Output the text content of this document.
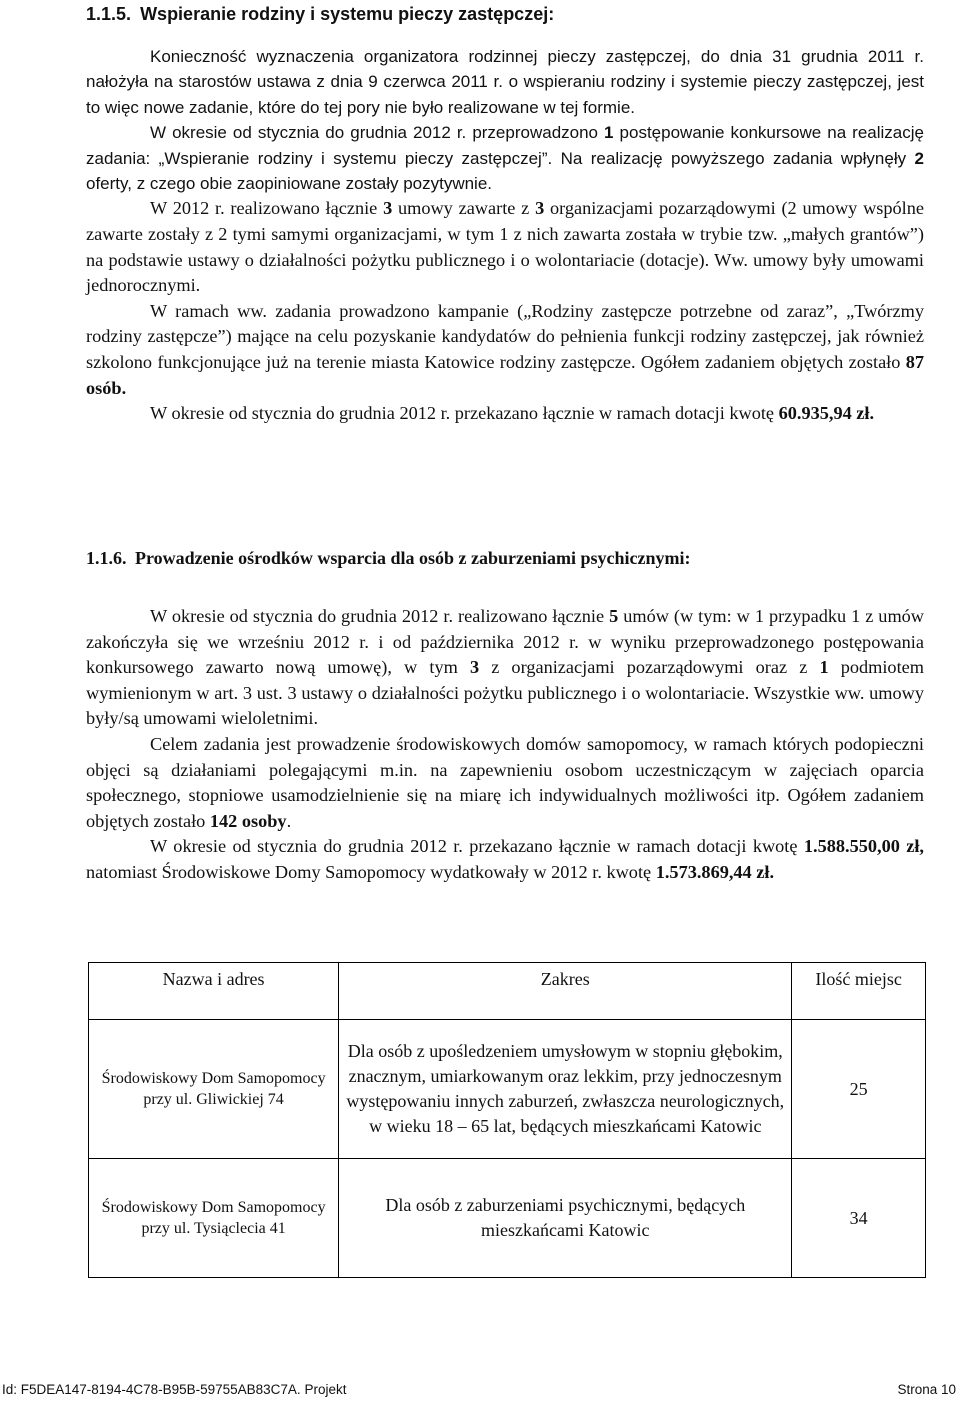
1.1.5. Wspieranie rodziny i systemu pieczy zastępczej:

Konieczność wyznaczenia organizatora rodzinnej pieczy zastępczej, do dnia 31 grudnia 2011 r. nałożyła na starostów ustawa z dnia 9 czerwca 2011 r. o wspieraniu rodziny i systemie pieczy zastępczej, jest to więc nowe zadanie, które do tej pory nie było realizowane w tej formie.

W okresie od stycznia do grudnia 2012 r. przeprowadzono 1 postępowanie konkursowe na realizację zadania: „Wspieranie rodziny i systemu pieczy zastępczej”. Na realizację powyższego zadania wpłynęły 2 oferty, z czego obie zaopiniowane zostały pozytywnie.

W 2012 r. realizowano łącznie 3 umowy zawarte z 3 organizacjami pozarządowymi (2 umowy wspólne zawarte zostały z 2 tymi samymi organizacjami, w tym 1 z nich zawarta została w trybie tzw. „małych grantów”) na podstawie ustawy o działalności pożytku publicznego i o wolontariacie (dotacje). Ww. umowy były umowami jednorocznymi.

W ramach ww. zadania prowadzono kampanie („Rodziny zastępcze potrzebne od zaraz”, „Twórzmy rodziny zastępcze”) mające na celu pozyskanie kandydatów do pełnienia funkcji rodziny zastępczej, jak również szkolono funkcjonujące już na terenie miasta Katowice rodziny zastępcze. Ogółem zadaniem objętych zostało 87 osób.

W okresie od stycznia do grudnia 2012 r. przekazano łącznie w ramach dotacji kwotę 60.935,94 zł.

1.1.6. Prowadzenie ośrodków wsparcia dla osób z zaburzeniami psychicznymi:

W okresie od stycznia do grudnia 2012 r. realizowano łącznie 5 umów (w tym: w 1 przypadku 1 z umów zakończyła się we wrześniu 2012 r. i od października 2012 r. w wyniku przeprowadzonego postępowania konkursowego zawarto nową umowę), w tym 3 z organizacjami pozarządowymi oraz z 1 podmiotem wymienionym w art. 3 ust. 3 ustawy o działalności pożytku publicznego i o wolontariacie. Wszystkie ww. umowy były/są umowami wieloletnimi.

Celem zadania jest prowadzenie środowiskowych domów samopomocy, w ramach których podopieczni objęci są działaniami polegającymi m.in. na zapewnieniu osobom uczestniczącym w zajęciach oparcia społecznego, stopniowe usamodzielnienie się na miarę ich indywidualnych możliwości itp. Ogółem zadaniem objętych zostało 142 osoby.

W okresie od stycznia do grudnia 2012 r. przekazano łącznie w ramach dotacji kwotę 1.588.550,00 zł, natomiast Środowiskowe Domy Samopomocy wydatkowały w 2012 r. kwotę 1.573.869,44 zł.

Nazwa i adres	Zakres	Ilość miejsc
Środowiskowy Dom Samopomocy przy ul. Gliwickiej 74	Dla osób z upośledzeniem umysłowym w stopniu głębokim, znacznym, umiarkowanym oraz lekkim, przy jednoczesnym występowaniu innych zaburzeń, zwłaszcza neurologicznych, w wieku 18 – 65 lat, będących mieszkańcami Katowic	25
Środowiskowy Dom Samopomocy przy ul. Tysiąclecia 41	Dla osób z zaburzeniami psychicznymi, będących mieszkańcami Katowic	34
Id: F5DEA147-8194-4C78-B95B-59755AB83C7A. Projekt	Strona 10
